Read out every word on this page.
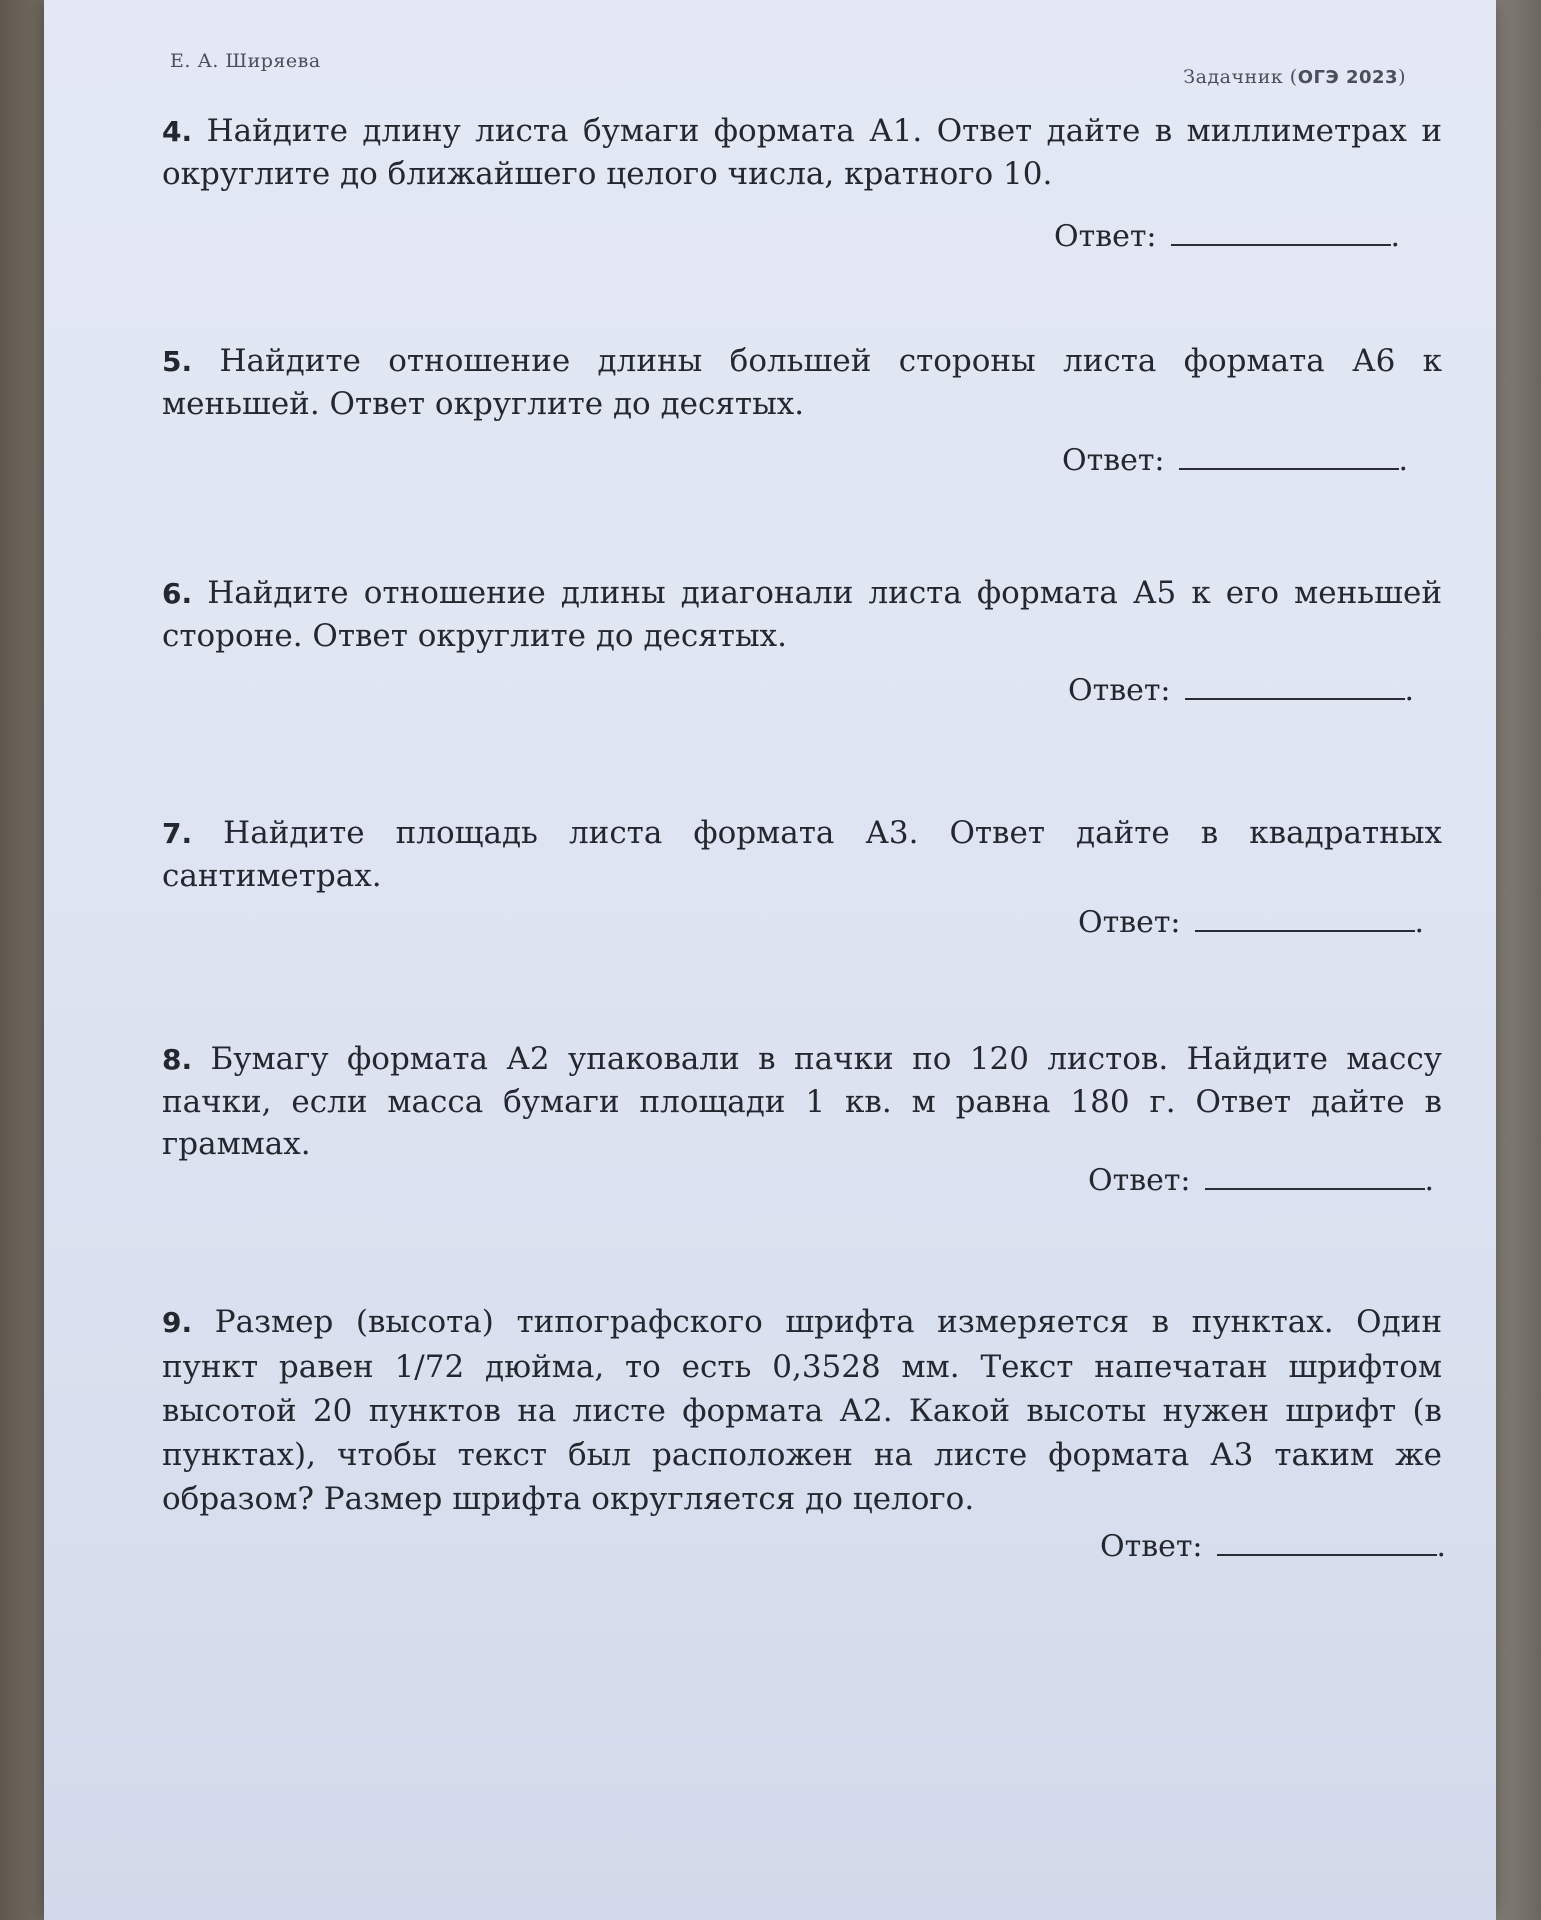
Е. А. Ширяева
Задачник (ОГЭ 2023)

4. Найдите длину листа бумаги формата А1. Ответ дайте в миллиметрах и округлите до ближайшего целого числа, кратного 10.

Ответ:	.

5. Найдите отношение длины большей стороны листа формата А6 к меньшей. Ответ округлите до десятых.

Ответ:	.

6. Найдите отношение длины диагонали листа формата А5 к его меньшей стороне. Ответ округлите до десятых.

Ответ:	.

7. Найдите площадь листа формата А3. Ответ дайте в квадратных сантиметрах.

Ответ:	.

8. Бумагу формата А2 упаковали в пачки по 120 листов. Найдите массу пачки, если масса бумаги площади 1 кв. м равна 180 г. Ответ дайте в граммах.

Ответ:	.

9. Размер (высота) типографского шрифта измеряется в пунктах. Один пункт равен 1/72 дюйма, то есть 0,3528 мм. Текст напечатан шрифтом высотой 20 пунктов на листе формата А2. Какой высоты нужен шрифт (в пунктах), чтобы текст был расположен на листе формата А3 таким же образом? Размер шрифта округляется до целого.

Ответ:	.
